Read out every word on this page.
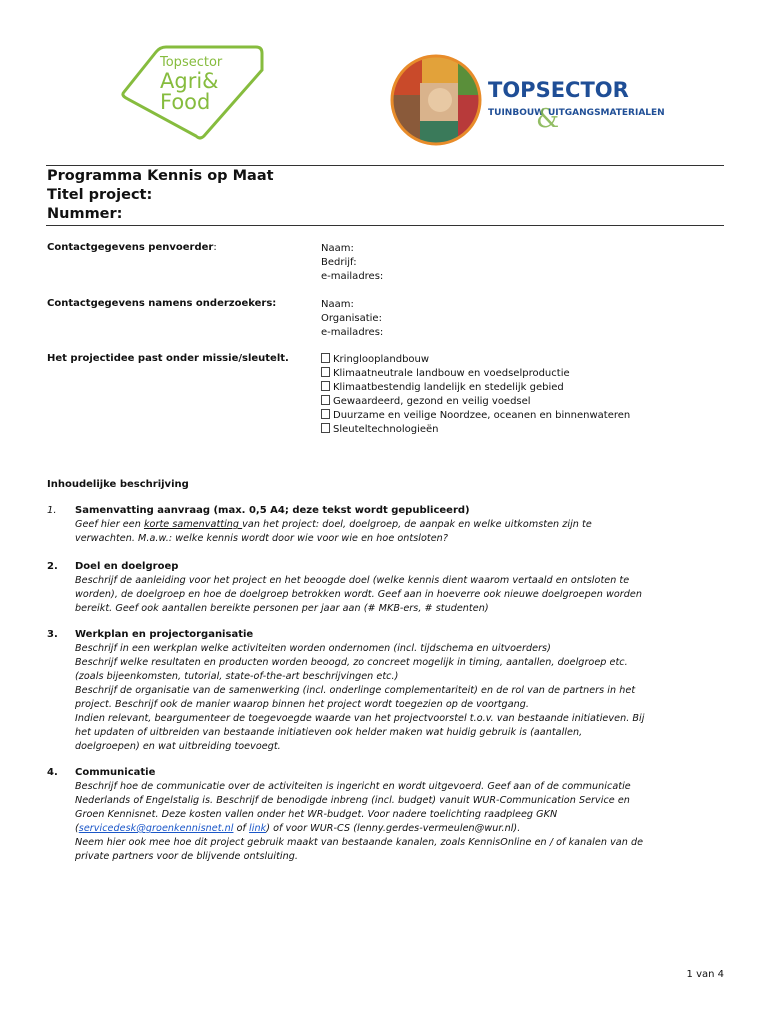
Topsector
Agri&
Food	TOPSECTOR
TUINBOUW
&
UITGANGSMATERIALEN
Programma Kennis op Maat
Titel project:
Nummer:
Contactgegevens penvoerder:	Naam:
Bedrijf:
e-mailadres:
Contactgegevens namens onderzoekers:	Naam:
Organisatie:
e-mailadres:
Het projectidee past onder missie/sleutelt.	Kringlooplandbouw
Klimaatneutrale landbouw en voedselproductie
Klimaatbestendig landelijk en stedelijk gebied
Gewaardeerd, gezond en veilig voedsel
Duurzame en veilige Noordzee, oceanen en binnenwateren
Sleuteltechnologieën
Inhoudelijke beschrijving
1. Samenvatting aanvraag (max. 0,5 A4; deze tekst wordt gepubliceerd)
Geef hier een korte samenvatting van het project: doel, doelgroep, de aanpak en welke uitkomsten zijn te
verwachten. M.a.w.: welke kennis wordt door wie voor wie en hoe ontsloten?
2. Doel en doelgroep
Beschrijf de aanleiding voor het project en het beoogde doel (welke kennis dient waarom vertaald en ontsloten te
worden), de doelgroep en hoe de doelgroep betrokken wordt. Geef aan in hoeverre ook nieuwe doelgroepen worden
bereikt. Geef ook aantallen bereikte personen per jaar aan (# MKB-ers, # studenten)
3. Werkplan en projectorganisatie
Beschrijf in een werkplan welke activiteiten worden ondernomen (incl. tijdschema en uitvoerders)
Beschrijf welke resultaten en producten worden beoogd, zo concreet mogelijk in timing, aantallen, doelgroep etc.
(zoals bijeenkomsten, tutorial, state-of-the-art beschrijvingen etc.)
Beschrijf de organisatie van de samenwerking (incl. onderlinge complementariteit) en de rol van de partners in het
project. Beschrijf ook de manier waarop binnen het project wordt toegezien op de voortgang.
Indien relevant, beargumenteer de toegevoegde waarde van het projectvoorstel t.o.v. van bestaande initiatieven. Bij
het updaten of uitbreiden van bestaande initiatieven ook helder maken wat huidig gebruik is (aantallen,
doelgroepen) en wat uitbreiding toevoegt.
4. Communicatie
Beschrijf hoe de communicatie over de activiteiten is ingericht en wordt uitgevoerd. Geef aan of de communicatie
Nederlands of Engelstalig is. Beschrijf de benodigde inbreng (incl. budget) vanuit WUR-Communication Service en
Groen Kennisnet. Deze kosten vallen onder het WR-budget. Voor nadere toelichting raadpleeg GKN
(servicedesk@groenkennisnet.nl of link) of voor WUR-CS (lenny.gerdes-vermeulen@wur.nl).
Neem hier ook mee hoe dit project gebruik maakt van bestaande kanalen, zoals KennisOnline en / of kanalen van de
private partners voor de blijvende ontsluiting.
1 van 4
